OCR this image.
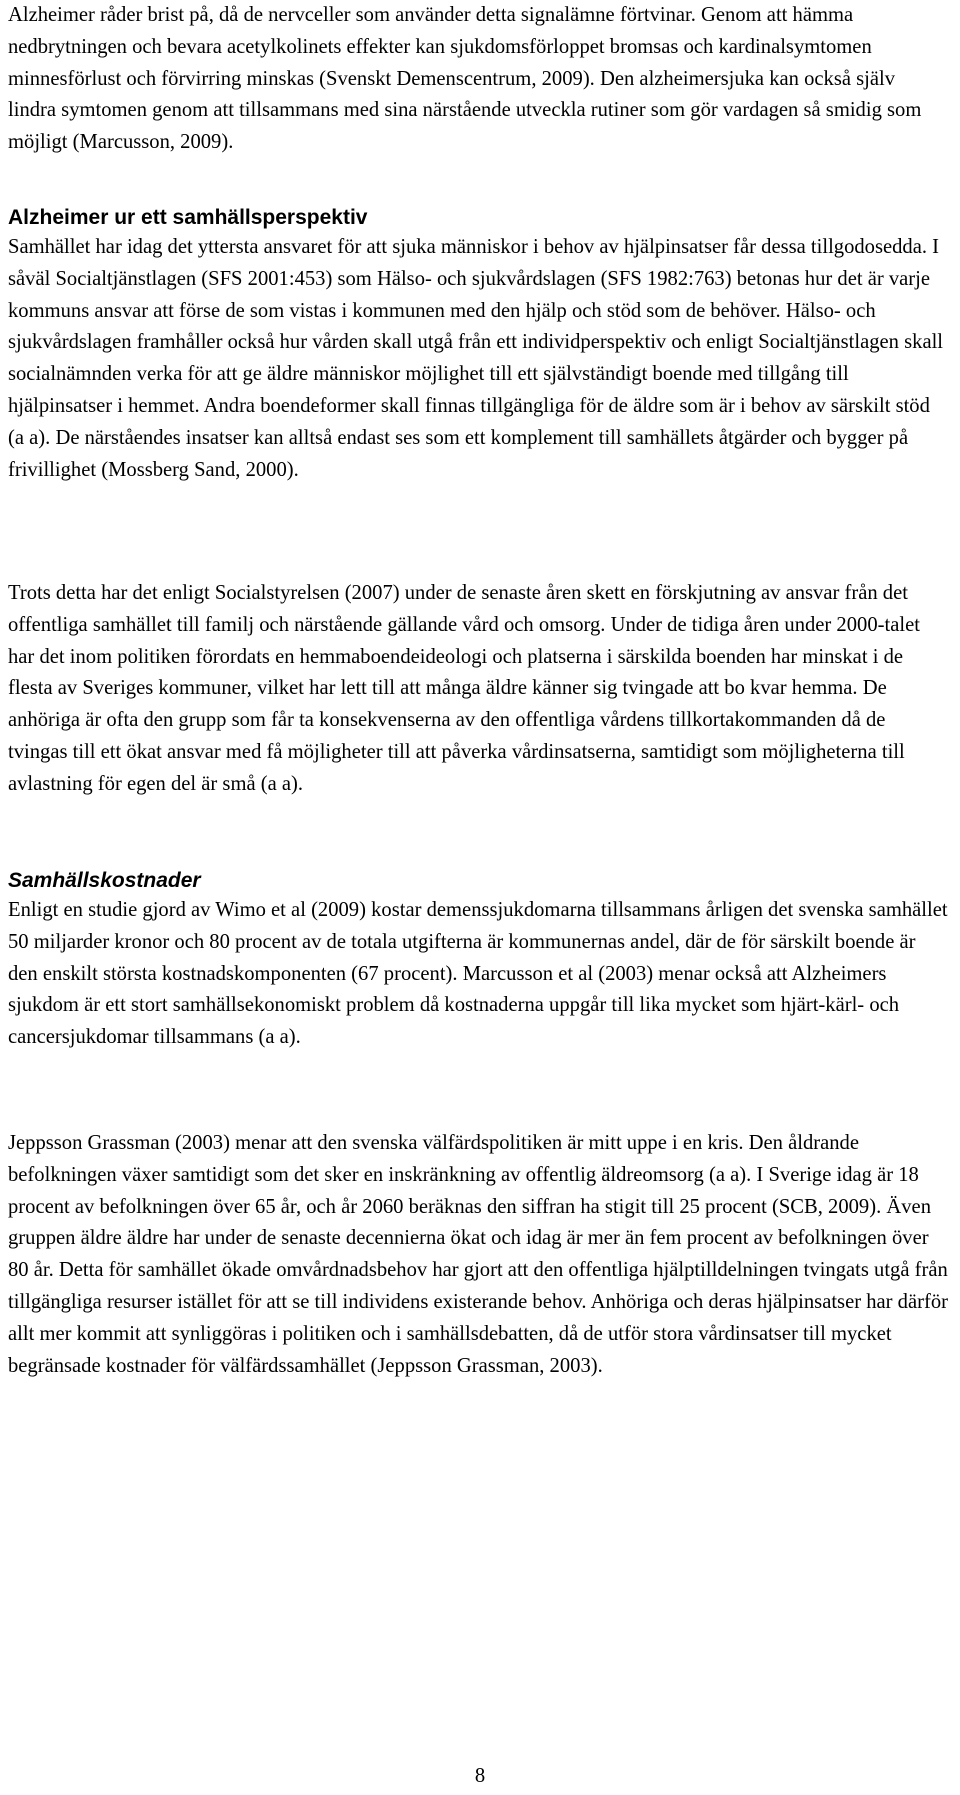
Alzheimer råder brist på, då de nervceller som använder detta signalämne förtvinar. Genom att hämma nedbrytningen och bevara acetylkolinets effekter kan sjukdomsförloppet bromsas och kardinalsymtomen minnesförlust och förvirring minskas (Svenskt Demenscentrum, 2009). Den alzheimersjuka kan också själv lindra symtomen genom att tillsammans med sina närstående utveckla rutiner som gör vardagen så smidig som möjligt (Marcusson, 2009).

Alzheimer ur ett samhällsperspektiv

Samhället har idag det yttersta ansvaret för att sjuka människor i behov av hjälpinsatser får dessa tillgodosedda. I såväl Socialtjänstlagen (SFS 2001:453) som Hälso- och sjukvårdslagen (SFS 1982:763) betonas hur det är varje kommuns ansvar att förse de som vistas i kommunen med den hjälp och stöd som de behöver. Hälso- och sjukvårdslagen framhåller också hur vården skall utgå från ett individperspektiv och enligt Socialtjänstlagen skall socialnämnden verka för att ge äldre människor möjlighet till ett självständigt boende med tillgång till hjälpinsatser i hemmet. Andra boendeformer skall finnas tillgängliga för de äldre som är i behov av särskilt stöd (a a). De närståendes insatser kan alltså endast ses som ett komplement till samhällets åtgärder och bygger på frivillighet (Mossberg Sand, 2000).

Trots detta har det enligt Socialstyrelsen (2007) under de senaste åren skett en förskjutning av ansvar från det offentliga samhället till familj och närstående gällande vård och omsorg. Under de tidiga åren under 2000-talet har det inom politiken förordats en hemmaboendeideologi och platserna i särskilda boenden har minskat i de flesta av Sveriges kommuner, vilket har lett till att många äldre känner sig tvingade att bo kvar hemma. De anhöriga är ofta den grupp som får ta konsekvenserna av den offentliga vårdens tillkortakommanden då de tvingas till ett ökat ansvar med få möjligheter till att påverka vårdinsatserna, samtidigt som möjligheterna till avlastning för egen del är små (a a).

Samhällskostnader

Enligt en studie gjord av Wimo et al (2009) kostar demenssjukdomarna tillsammans årligen det svenska samhället 50 miljarder kronor och 80 procent av de totala utgifterna är kommunernas andel, där de för särskilt boende är den enskilt största kostnadskomponenten (67 procent). Marcusson et al (2003) menar också att Alzheimers sjukdom är ett stort samhällsekonomiskt problem då kostnaderna uppgår till lika mycket som hjärt-kärl- och cancersjukdomar tillsammans (a a).

Jeppsson Grassman (2003) menar att den svenska välfärdspolitiken är mitt uppe i en kris. Den åldrande befolkningen växer samtidigt som det sker en inskränkning av offentlig äldreomsorg (a a). I Sverige idag är 18 procent av befolkningen över 65 år, och år 2060 beräknas den siffran ha stigit till 25 procent (SCB, 2009). Även gruppen äldre äldre har under de senaste decennierna ökat och idag är mer än fem procent av befolkningen över 80 år. Detta för samhället ökade omvårdnadsbehov har gjort att den offentliga hjälptilldelningen tvingats utgå från tillgängliga resurser istället för att se till individens existerande behov. Anhöriga och deras hjälpinsatser har därför allt mer kommit att synliggöras i politiken och i samhällsdebatten, då de utför stora vårdinsatser till mycket begränsade kostnader för välfärdssamhället (Jeppsson Grassman, 2003).

8
